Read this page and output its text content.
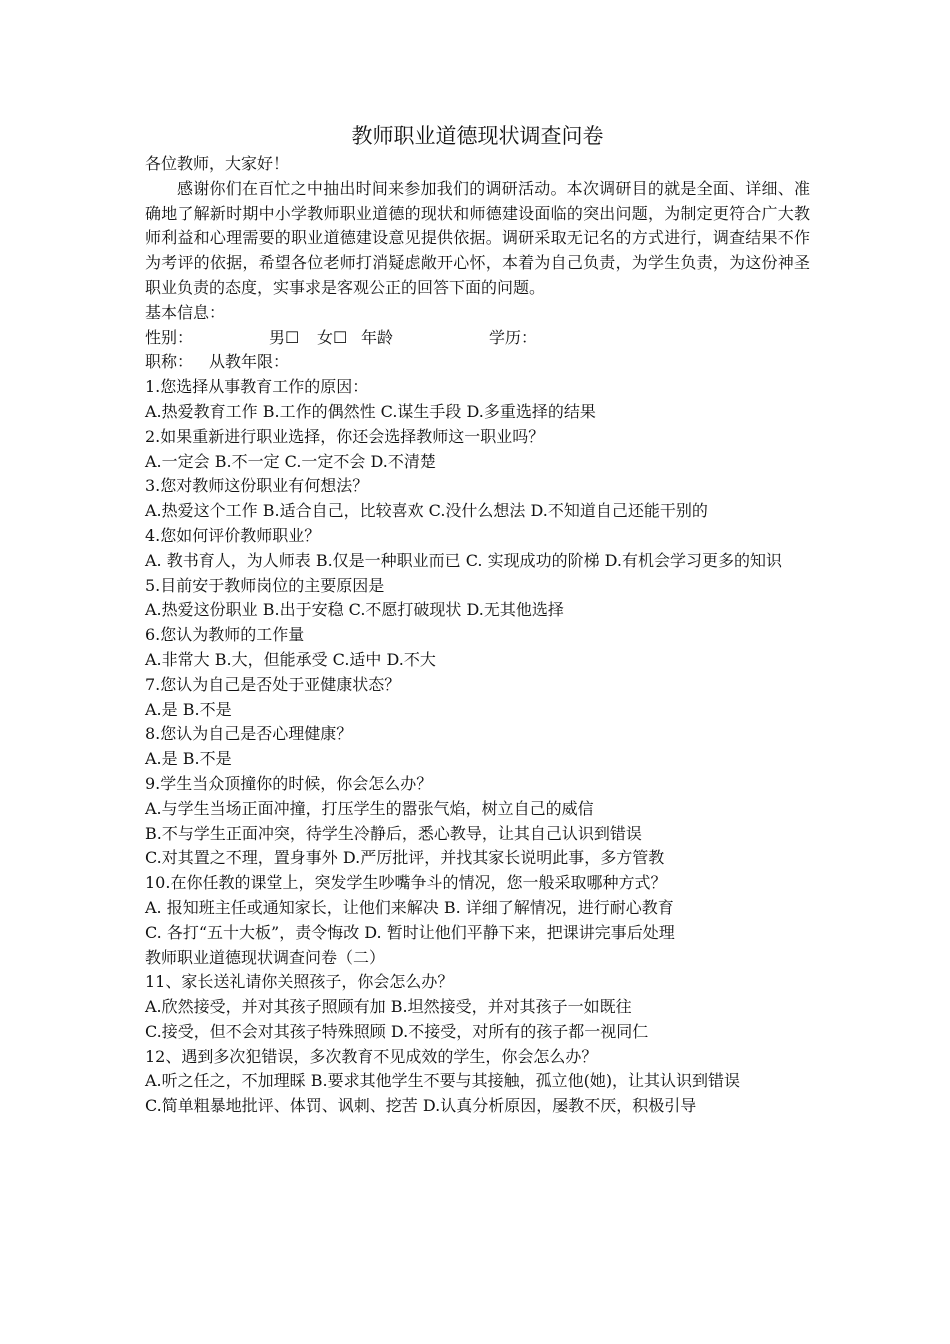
教师职业道德现状调查问卷

各位教师，大家好！

感谢你们在百忙之中抽出时间来参加我们的调研活动。本次调研目的就是全面、详细、准确地了解新时期中小学教师职业道德的现状和师德建设面临的突出问题，为制定更符合广大教师利益和心理需要的职业道德建设意见提供依据。调研采取无记名的方式进行，调查结果不作为考评的依据，希望各位老师打消疑虑敞开心怀，本着为自己负责，为学生负责，为这份神圣职业负责的态度，实事求是客观公正的回答下面的问题。

基本信息：

性别：	男☐	女☐ 年龄	学历：
职称： 从教年限：

1.您选择从事教育工作的原因：

A.热爱教育工作 B.工作的偶然性 C.谋生手段 D.多重选择的结果

2.如果重新进行职业选择，你还会选择教师这一职业吗？

A.一定会 B.不一定 C.一定不会 D.不清楚

3.您对教师这份职业有何想法？

A.热爱这个工作 B.适合自己，比较喜欢 C.没什么想法 D.不知道自己还能干别的

4.您如何评价教师职业？

A. 教书育人，为人师表 B.仅是一种职业而已 C. 实现成功的阶梯 D.有机会学习更多的知识

5.目前安于教师岗位的主要原因是

A.热爱这份职业 B.出于安稳 C.不愿打破现状 D.无其他选择

6.您认为教师的工作量

A.非常大 B.大，但能承受 C.适中 D.不大

7.您认为自己是否处于亚健康状态？

A.是 B.不是

8.您认为自己是否心理健康？

A.是 B.不是

9.学生当众顶撞你的时候，你会怎么办？

A.与学生当场正面冲撞，打压学生的嚣张气焰，树立自己的威信

B.不与学生正面冲突，待学生冷静后，悉心教导，让其自己认识到错误

C.对其置之不理，置身事外 D.严厉批评，并找其家长说明此事，多方管教

10.在你任教的课堂上，突发学生吵嘴争斗的情况，您一般采取哪种方式？

A. 报知班主任或通知家长，让他们来解决 B. 详细了解情况，进行耐心教育

C. 各打“五十大板”，责令悔改 D. 暂时让他们平静下来，把课讲完事后处理

教师职业道德现状调查问卷（二）

11、家长送礼请你关照孩子，你会怎么办？

A.欣然接受，并对其孩子照顾有加 B.坦然接受，并对其孩子一如既往

C.接受，但不会对其孩子特殊照顾 D.不接受，对所有的孩子都一视同仁

12、遇到多次犯错误，多次教育不见成效的学生，你会怎么办？

A.听之任之，不加理睬 B.要求其他学生不要与其接触，孤立他(她)，让其认识到错误

C.简单粗暴地批评、体罚、讽刺、挖苦 D.认真分析原因，屡教不厌，积极引导
